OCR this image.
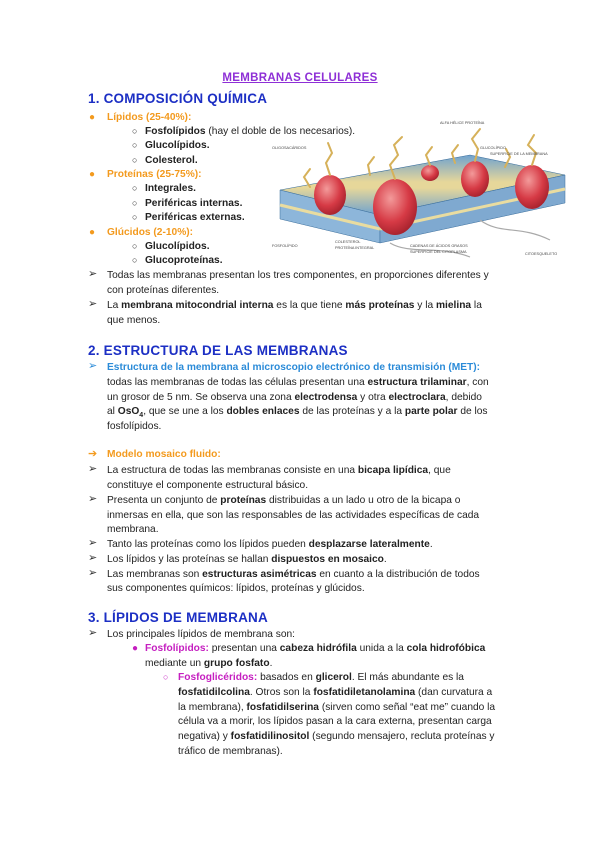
MEMBRANAS CELULARES
1. COMPOSICIÓN QUÍMICA
● Lípidos (25-40%):
○ Fosfolípidos (hay el doble de los necesarios).
○ Glucolípidos.
○ Colesterol.
● Proteínas (25-75%):
○ Integrales.
○ Periféricas internas.
○ Periféricas externas.
● Glúcidos (2-10%):
○ Glucolípidos.
○ Glucoproteínas.
➢ Todas las membranas presentan los tres componentes, en proporciones diferentes y
con proteínas diferentes.
➢ La membrana mitocondrial interna es la que tiene más proteínas y la mielina la
que menos.
OLIGOSACÁRIDOS
ALFA HÉLICE PROTEÍNA
GLUCOLÍPIDO
SUPERFICIE DE LA MEMBRANA
FOSFOLÍPIDO
COLESTEROL
PROTEÍNA INTEGRAL	CADENAS DE ÁCIDOS GRASOS
SUPERFICIE DEL CITOPLASMA	CITOESQUELETO
2. ESTRUCTURA DE LAS MEMBRANAS
➢ Estructura de la membrana al microscopio electrónico de transmisión (MET):
todas las membranas de todas las células presentan una estructura trilaminar, con
un grosor de 5 nm. Se observa una zona electrodensa y otra electroclara, debido
al OsO$_4$, que se une a los dobles enlaces de las proteínas y a la parte polar de los
fosfolípidos.
➔ Modelo mosaico fluido:
➢ La estructura de todas las membranas consiste en una bicapa lipídica, que
constituye el componente estructural básico.
➢ Presenta un conjunto de proteínas distribuidas a un lado u otro de la bicapa o
inmersas en ella, que son las responsables de las actividades específicas de cada
membrana.
➢ Tanto las proteínas como los lípidos pueden desplazarse lateralmente.
➢ Los lípidos y las proteínas se hallan dispuestos en mosaico.
➢ Las membranas son estructuras asimétricas en cuanto a la distribución de todos
sus componentes químicos: lípidos, proteínas y glúcidos.
3. LÍPIDOS DE MEMBRANA
➢ Los principales lípidos de membrana son:
● Fosfolípidos: presentan una cabeza hidrófila unida a la cola hidrofóbica
mediante un grupo fosfato.
○ Fosfoglicéridos: basados en glicerol. El más abundante es la
fosfatidilcolina. Otros son la fosfatidiletanolamina (dan curvatura a
la membrana), fosfatidilserina (sirven como señal “eat me” cuando la
célula va a morir, los lípidos pasan a la cara externa, presentan carga
negativa) y fosfatidilinositol (segundo mensajero, recluta proteínas y
tráfico de membranas).
